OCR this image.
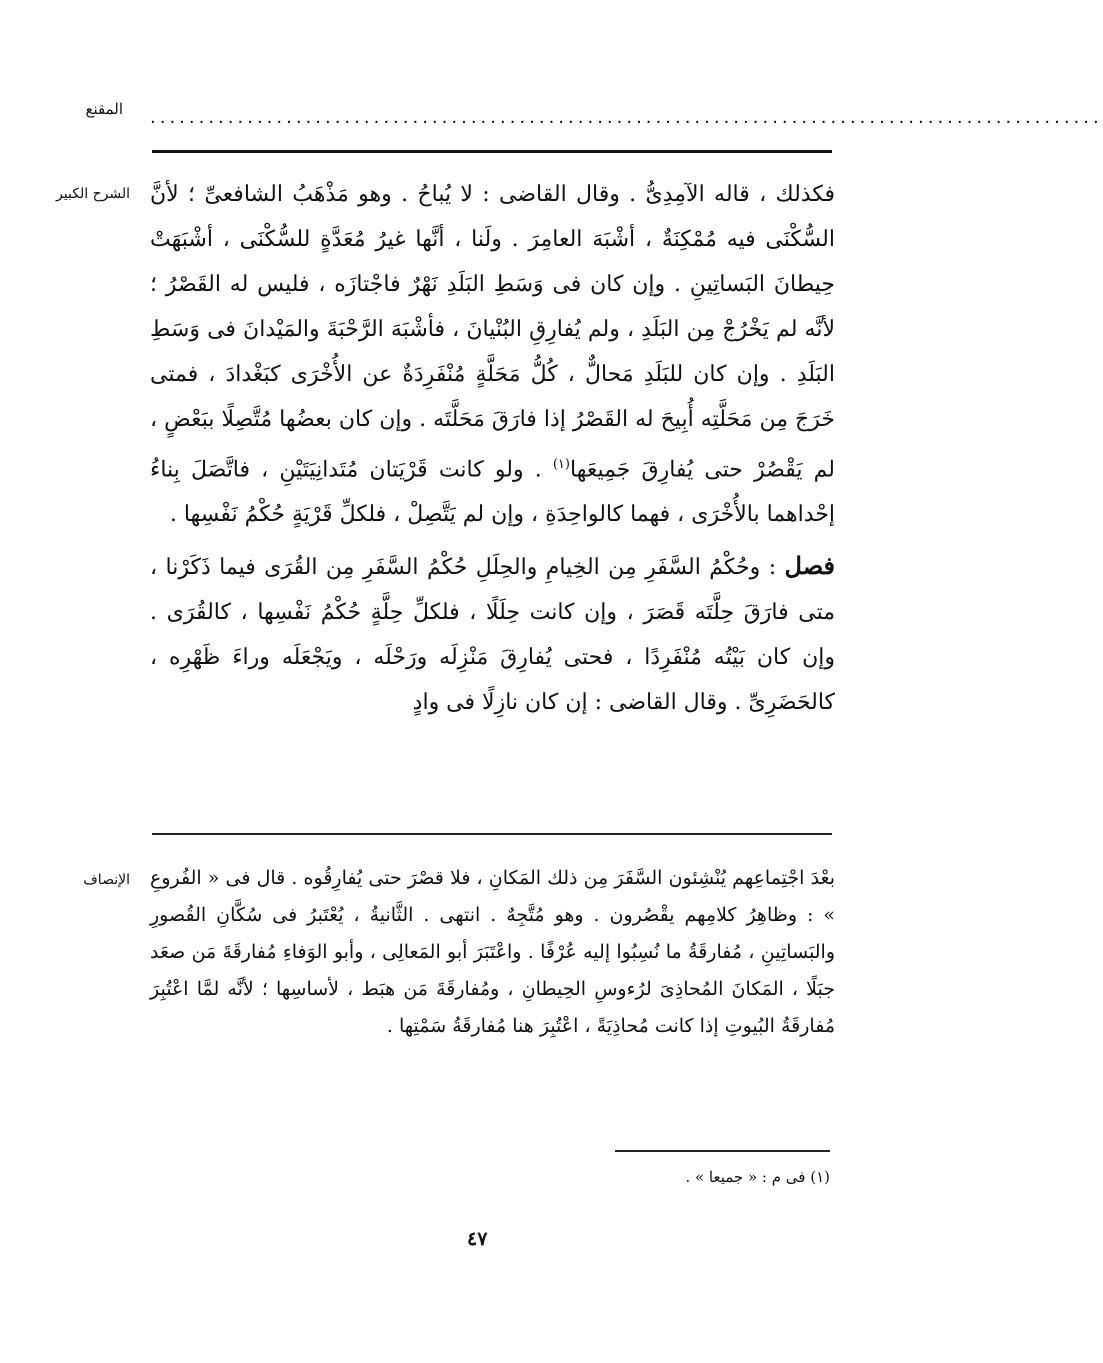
المقنع ..................................................................................................
الشرح الكبير فكذلك ، قاله الآمِدِىُّ . وقال القاضى : لا يُباحُ . وهو مَذْهَبُ الشافعىِّ ؛ لأنَّ السُّكْنَى فيه مُمْكِنَةٌ ، أشْبَهَ العامِرَ . ولَنا ، أنَّها غيرُ مُعَدَّةٍ للسُّكْنَى ، أشْبَهَتْ حِيطانَ البَساتِينِ . وإن كان فى وَسَطِ البَلَدِ نَهْرٌ فاجْتازَه ، فليس له القَصْرُ ؛ لأنَّه لم يَخْرُجْ مِن البَلَدِ ، ولم يُفارِقِ البُنْيانَ ، فأشْبَهَ الرَّحْبَةَ والمَيْدانَ فى وَسَطِ البَلَدِ . وإن كان للبَلَدِ مَحالٌّ ، كُلُّ مَحَلَّةٍ مُنْفَرِدَةٌ عن الأُخْرَى كبَغْدادَ ، فمتى خَرَجَ مِن مَحَلَّتِه أُبِيحَ له القَصْرُ إذا فارَقَ مَحَلَّتَه . وإن كان بعضُها مُتَّصِلًا ببَعْضٍ ، لم يَقْصُرْ حتى يُفارِقَ جَمِيعَها$^{(١)}$ . ولو كانت قَرْيَتان مُتَدانِيَتَيْنِ ، فاتَّصَلَ بِناءُ إحْداهما بالأُخْرَى ، فهما كالواحِدَةِ ، وإن لم يَتَّصِلْ ، فلكلِّ قَرْيَةٍ حُكْمُ نَفْسِها .

فصل : وحُكْمُ السَّفَرِ مِن الخِيامِ والحِلَلِ حُكْمُ السَّفَرِ مِن القُرَى فيما ذَكَرْنا ، متى فارَقَ حِلَّتَه قَصَرَ ، وإن كانت حِلَلًا ، فلكلِّ حِلَّةٍ حُكْمُ نَفْسِها ، كالقُرَى . وإن كان بَيْتُه مُنْفَرِدًا ، فحتى يُفارِقَ مَنْزِلَه ورَحْلَه ، ويَجْعَلَه وراءَ ظَهْرِه ، كالحَضَرِىِّ . وقال القاضى : إن كان نازِلًا فى وادٍ

الإنصاف بعْدَ اجْتِماعِهم يُنْشِئون السَّفَرَ مِن ذلك المَكانِ ، فلا قصْرَ حتى يُفارِقُوه . قال فى « الفُروعِ » : وظاهِرُ كلامِهم يقْصُرون . وهو مُتَّجِهٌ . انتهى . الثَّانيةُ ، يُعْتَبرُ فى سُكَّانِ القُصورِ والبَساتِينِ ، مُفارقَةُ ما نُسِبُوا إليه عُرْفًا . واعْتَبَرَ أبو المَعالِى ، وأبو الوَفاءِ مُفارقَةَ مَن صعَد جبَلًا ، المَكانَ المُحاذِىَ لرُءوسِ الحِيطانِ ، ومُفارقَةَ مَن هبَط ، لأساسِها ؛ لأنَّه لمَّا اعْتُبِرَ مُفارقَةُ البُيوتِ إذا كانت مُحاذِيَةً ، اعْتُبِرَ هنا مُفارقَةُ سَمْتِها .

(١) فى م : « جميعا » .
٤٧
